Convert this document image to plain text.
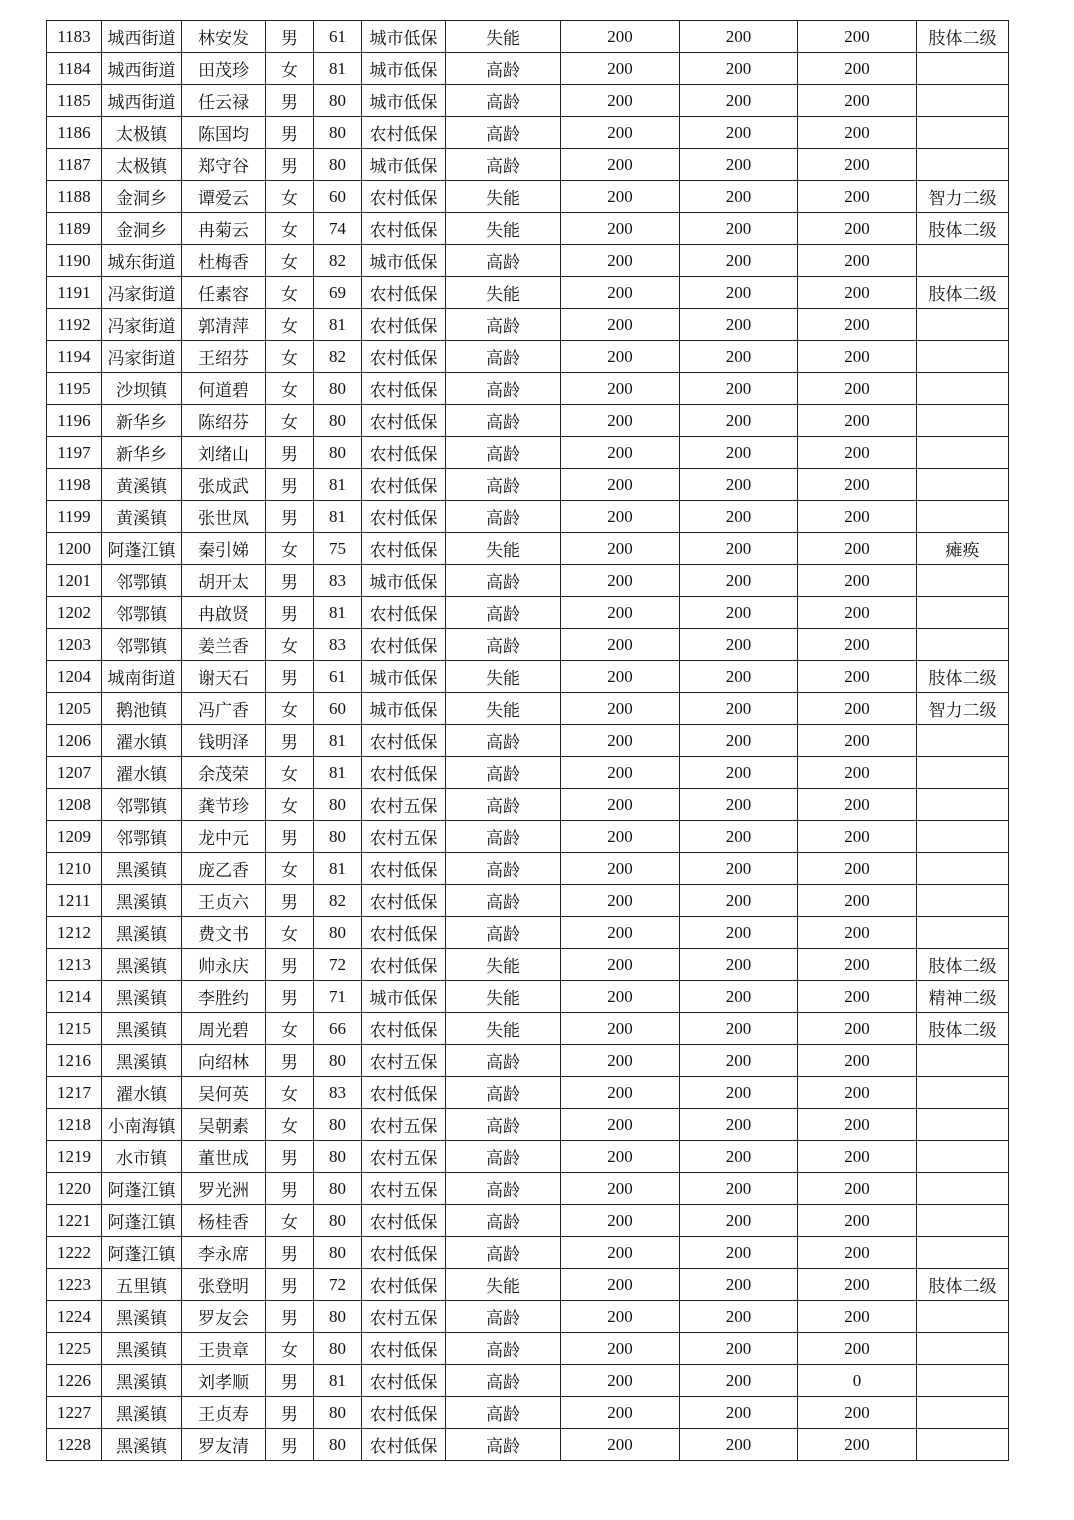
1183	城西街道	林安发	男	61	城市低保	失能	200	200	200	肢体二级
1184	城西街道	田茂珍	女	81	城市低保	高龄	200	200	200	
1185	城西街道	任云禄	男	80	城市低保	高龄	200	200	200	
1186	太极镇	陈国均	男	80	农村低保	高龄	200	200	200	
1187	太极镇	郑守谷	男	80	城市低保	高龄	200	200	200	
1188	金洞乡	谭爱云	女	60	农村低保	失能	200	200	200	智力二级
1189	金洞乡	冉菊云	女	74	农村低保	失能	200	200	200	肢体二级
1190	城东街道	杜梅香	女	82	城市低保	高龄	200	200	200	
1191	冯家街道	任素容	女	69	农村低保	失能	200	200	200	肢体二级
1192	冯家街道	郭清萍	女	81	农村低保	高龄	200	200	200	
1194	冯家街道	王绍芬	女	82	农村低保	高龄	200	200	200	
1195	沙坝镇	何道碧	女	80	农村低保	高龄	200	200	200	
1196	新华乡	陈绍芬	女	80	农村低保	高龄	200	200	200	
1197	新华乡	刘绪山	男	80	农村低保	高龄	200	200	200	
1198	黄溪镇	张成武	男	81	农村低保	高龄	200	200	200	
1199	黄溪镇	张世凤	男	81	农村低保	高龄	200	200	200	
1200	阿蓬江镇	秦引娣	女	75	农村低保	失能	200	200	200	瘫痪
1201	邻鄂镇	胡开太	男	83	城市低保	高龄	200	200	200	
1202	邻鄂镇	冉啟贤	男	81	农村低保	高龄	200	200	200	
1203	邻鄂镇	姜兰香	女	83	农村低保	高龄	200	200	200	
1204	城南街道	谢天石	男	61	城市低保	失能	200	200	200	肢体二级
1205	鹅池镇	冯广香	女	60	城市低保	失能	200	200	200	智力二级
1206	濯水镇	钱明泽	男	81	农村低保	高龄	200	200	200	
1207	濯水镇	余茂荣	女	81	农村低保	高龄	200	200	200	
1208	邻鄂镇	龚节珍	女	80	农村五保	高龄	200	200	200	
1209	邻鄂镇	龙中元	男	80	农村五保	高龄	200	200	200	
1210	黑溪镇	庞乙香	女	81	农村低保	高龄	200	200	200	
1211	黑溪镇	王贞六	男	82	农村低保	高龄	200	200	200	
1212	黑溪镇	费文书	女	80	农村低保	高龄	200	200	200	
1213	黑溪镇	帅永庆	男	72	农村低保	失能	200	200	200	肢体二级
1214	黑溪镇	李胜约	男	71	城市低保	失能	200	200	200	精神二级
1215	黑溪镇	周光碧	女	66	农村低保	失能	200	200	200	肢体二级
1216	黑溪镇	向绍林	男	80	农村五保	高龄	200	200	200	
1217	濯水镇	吴何英	女	83	农村低保	高龄	200	200	200	
1218	小南海镇	吴朝素	女	80	农村五保	高龄	200	200	200	
1219	水市镇	董世成	男	80	农村五保	高龄	200	200	200	
1220	阿蓬江镇	罗光洲	男	80	农村五保	高龄	200	200	200	
1221	阿蓬江镇	杨桂香	女	80	农村低保	高龄	200	200	200	
1222	阿蓬江镇	李永席	男	80	农村低保	高龄	200	200	200	
1223	五里镇	张登明	男	72	农村低保	失能	200	200	200	肢体二级
1224	黑溪镇	罗友会	男	80	农村五保	高龄	200	200	200	
1225	黑溪镇	王贵章	女	80	农村低保	高龄	200	200	200	
1226	黑溪镇	刘孝顺	男	81	农村低保	高龄	200	200	0	
1227	黑溪镇	王贞寿	男	80	农村低保	高龄	200	200	200	
1228	黑溪镇	罗友清	男	80	农村低保	高龄	200	200	200	
